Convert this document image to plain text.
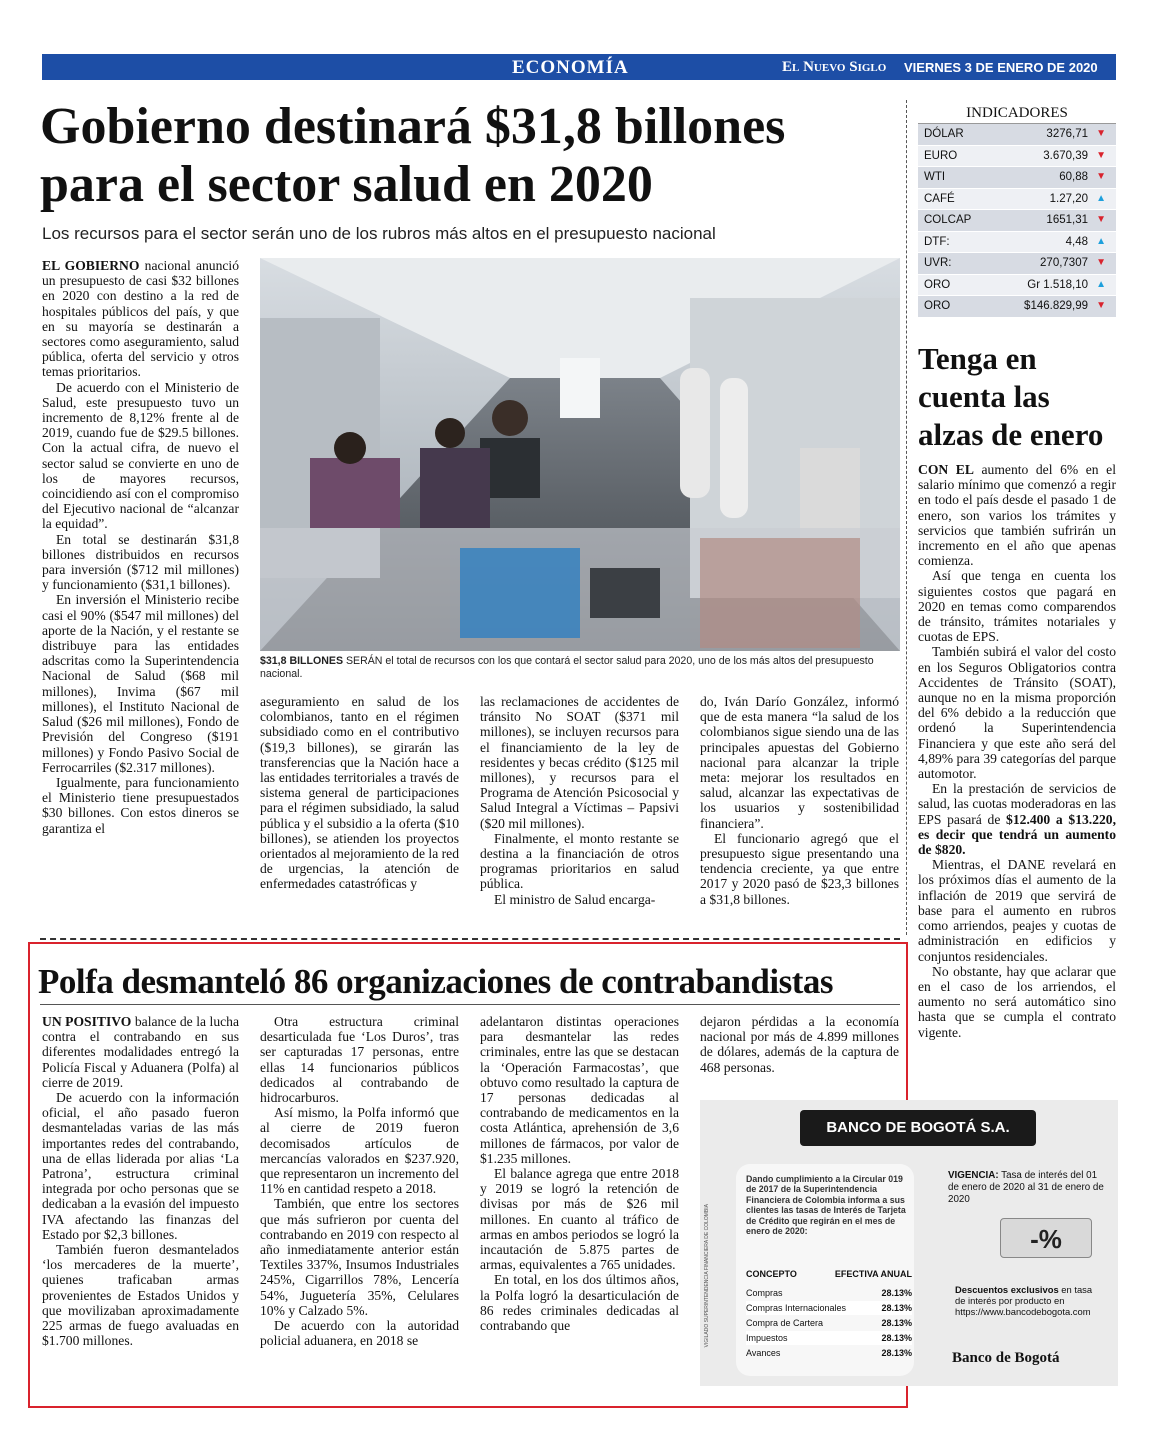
ECONOMÍA	El Nuevo Siglo VIERNES 3 DE ENERO DE 2020 3B
Gobierno destinará $31,8 billones para el sector salud en 2020
Los recursos para el sector serán uno de los rubros más altos en el presupuesto nacional

EL GOBIERNO nacional anunció un presupuesto de casi $32 billones en 2020 con destino a la red de hospitales públicos del país, y que en su mayoría se destinarán a sectores como aseguramiento, salud pública, oferta del servicio y otros temas prioritarios.

De acuerdo con el Ministerio de Salud, este presupuesto tuvo un incremento de 8,12% frente al de 2019, cuando fue de $29.5 billones. Con la actual cifra, de nuevo el sector salud se convierte en uno de los de mayores recursos, coincidiendo así con el compromiso del Ejecutivo nacional de “alcanzar la equidad”.

En total se destinarán $31,8 billones distribuidos en recursos para inversión ($712 mil millones) y funcionamiento ($31,1 billones).

En inversión el Ministerio recibe casi el 90% ($547 mil millones) del aporte de la Nación, y el restante se distribuye para las entidades adscritas como la Superintendencia Nacional de Salud ($68 mil millones), Invima ($67 mil millones), el Instituto Nacional de Salud ($26 mil millones), Fondo de Previsión del Congreso ($191 millones) y Fondo Pasivo Social de Ferrocarriles ($2.317 millones).

Igualmente, para funcionamiento el Ministerio tiene presupuestados $30 billones. Con estos dineros se garantiza el

$31,8 BILLONES SERÁN el total de recursos con los que contará el sector salud para 2020, uno de los más altos del presupuesto nacional.

aseguramiento en salud de los colombianos, tanto en el régimen subsidiado como en el contributivo ($19,3 billones), se girarán las transferencias que la Nación hace a las entidades territoriales a través de sistema general de participaciones para el régimen subsidiado, la salud pública y el subsidio a la oferta ($10 billones), se atienden los proyectos orientados al mejoramiento de la red de urgencias, la atención de enfermedades catastróficas y

las reclamaciones de accidentes de tránsito No SOAT ($371 mil millones), se incluyen recursos para el financiamiento de la ley de residentes y becas crédito ($125 mil millones), y recursos para el Programa de Atención Psicosocial y Salud Integral a Víctimas – Papsivi ($20 mil millones).

Finalmente, el monto restante se destina a la financiación de otros programas prioritarios en salud pública.

El ministro de Salud encarga-

do, Iván Darío González, informó que de esta manera “la salud de los colombianos sigue siendo una de las principales apuestas del Gobierno nacional para alcanzar la triple meta: mejorar los resultados en salud, alcanzar las expectativas de los usuarios y sostenibilidad financiera”.

El funcionario agregó que el presupuesto sigue presentando una tendencia creciente, ya que entre 2017 y 2020 pasó de $23,3 billones a $31,8 billones.

Polfa desmanteló 86 organizaciones de contrabandistas

UN POSITIVO balance de la lucha contra el contrabando en sus diferentes modalidades entregó la Policía Fiscal y Aduanera (Polfa) al cierre de 2019.

De acuerdo con la información oficial, el año pasado fueron desmanteladas varias de las más importantes redes del contrabando, una de ellas liderada por alias ‘La Patrona’, estructura criminal integrada por ocho personas que se dedicaban a la evasión del impuesto IVA afectando las finanzas del Estado por $2,3 billones.

También fueron desmantelados ‘los mercaderes de la muerte’, quienes traficaban armas provenientes de Estados Unidos y que movilizaban aproximadamente 225 armas de fuego avaluadas en $1.700 millones.

Otra estructura criminal desarticulada fue ‘Los Duros’, tras ser capturadas 17 personas, entre ellas 14 funcionarios públicos dedicados al contrabando de hidrocarburos.

Así mismo, la Polfa informó que al cierre de 2019 fueron decomisados artículos de mercancías valorados en $237.920, que representaron un incremento del 11% en cantidad respeto a 2018.

También, que entre los sectores que más sufrieron por cuenta del contrabando en 2019 con respecto al año inmediatamente anterior están Textiles 337%, Insumos Industriales 245%, Cigarrillos 78%, Lencería 54%, Juguetería 35%, Celulares 10% y Calzado 5%.

De acuerdo con la autoridad policial aduanera, en 2018 se

adelantaron distintas operaciones para desmantelar las redes criminales, entre las que se destacan la ‘Operación Farmacostas’, que obtuvo como resultado la captura de 17 personas dedicadas al contrabando de medicamentos en la costa Atlántica, aprehensión de 3,6 millones de fármacos, por valor de $1.235 millones.

El balance agrega que entre 2018 y 2019 se logró la retención de divisas por más de $26 mil millones. En cuanto al tráfico de armas en ambos periodos se logró la incautación de 5.875 partes de armas, equivalentes a 765 unidades.

En total, en los dos últimos años, la Polfa logró la desarticulación de 86 redes criminales dedicadas al contrabando que

dejaron pérdidas a la economía nacional por más de 4.899 millones de dólares, además de la captura de 468 personas.

INDICADORES
DÓLAR	3276,71 ▼
EURO	3.670,39 ▼
WTI	60,88 ▼
CAFÉ	1.27,20 ▲
COLCAP	1651,31 ▼
DTF:	4,48 ▲
UVR:	270,7307 ▼
ORO	Gr 1.518,10 ▲
ORO	$146.829,99 ▼
Tenga en cuenta las alzas de enero

CON EL aumento del 6% en el salario mínimo que comenzó a regir en todo el país desde el pasado 1 de enero, son varios los trámites y servicios que también sufrirán un incremento en el año que apenas comienza.

Así que tenga en cuenta los siguientes costos que pagará en 2020 en temas como comparendos de tránsito, trámites notariales y cuotas de EPS.

También subirá el valor del costo en los Seguros Obligatorios contra Accidentes de Tránsito (SOAT), aunque no en la misma proporción del 6% debido a la reducción que ordenó la Superintendencia Financiera y que este año será del 4,89% para 39 categorías del parque automotor.

En la prestación de servicios de salud, las cuotas moderadoras en las EPS pasará de $12.400 a $13.220, es decir que tendrá un aumento de $820.

Mientras, el DANE revelará en los próximos días el aumento de la inflación de 2019 que servirá de base para el aumento en rubros como arriendos, peajes y cuotas de administración en edificios y conjuntos residenciales.

No obstante, hay que aclarar que en el caso de los arriendos, el aumento no será automático sino hasta que se cumpla el contrato vigente.

BANCO DE BOGOTÁ S.A.
VIGILADO SUPERINTENDENCIA FINANCIERA DE COLOMBIA
Dando cumplimiento a la Circular 019 de 2017 de la Superintendencia Financiera de Colombia informa a sus clientes las tasas de Interés de Tarjeta de Crédito que regirán en el mes de enero de 2020:
CONCEPTO	EFECTIVA ANUAL
Compras	28.13%
Compras Internacionales	28.13%
Compra de Cartera	28.13%
Impuestos	28.13%
Avances	28.13%
VIGENCIA: Tasa de interés del 01 de enero de 2020 al 31 de enero de 2020
-%
Descuentos exclusivos en tasa de interés por producto en https://www.bancodebogota.com
Banco de Bogotá
